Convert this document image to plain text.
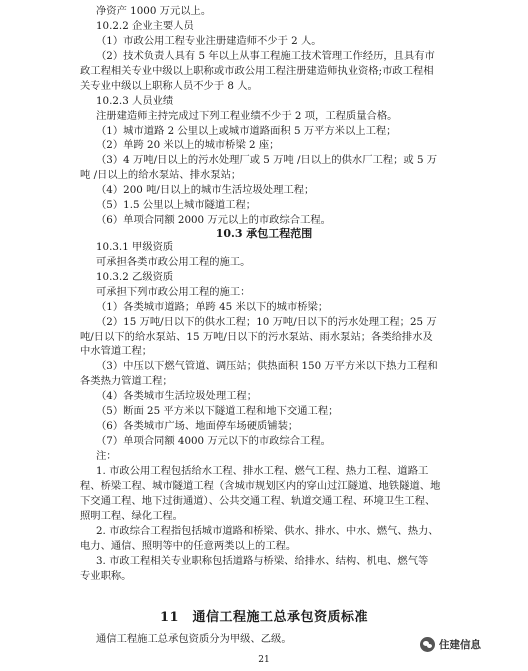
净资产 1000 万元以上。
10.2.2 企业主要人员
（1）市政公用工程专业注册建造师不少于 2 人。
（2）技术负责人具有 5 年以上从事工程施工技术管理工作经历，且具有市
政工程相关专业中级以上职称或市政公用工程注册建造师执业资格;市政工程相
关专业中级以上职称人员不少于 8 人。
10.2.3 人员业绩
注册建造师主持完成过下列工程业绩不少于 2 项，工程质量合格。
（1）城市道路 2 公里以上或城市道路面积 5 万平方米以上工程；
（2）单跨 20 米以上的城市桥梁 2 座；
（3）4 万吨/日以上的污水处理厂或 5 万吨 /日以上的供水厂工程；或 5 万
吨 /日以上的给水泵站、排水泵站；
（4）200 吨/日以上的城市生活垃圾处理工程；
（5）1.5 公里以上城市隧道工程；
（6）单项合同额 2000 万元以上的市政综合工程。
10.3.1 甲级资质
可承担各类市政公用工程的施工。
10.3.2 乙级资质
可承担下列市政公用工程的施工：
（1）各类城市道路；单跨 45 米以下的城市桥梁；
（2）15 万吨/日以下的供水工程；10 万吨/日以下的污水处理工程；25 万
吨/日以下的给水泵站、15 万吨/日以下的污水泵站、雨水泵站；各类给排水及
中水管道工程；
（3）中压以下燃气管道、调压站；供热面积 150 万平方米以下热力工程和
各类热力管道工程；
（4）各类城市生活垃圾处理工程；
（5）断面 25 平方米以下隧道工程和地下交通工程；
（6）各类城市广场、地面停车场硬质铺装；
（7）单项合同额 4000 万元以下的市政综合工程。
注：
1. 市政公用工程包括给水工程、排水工程、燃气工程、热力工程、道路工
程、桥梁工程、城市隧道工程（含城市规划区内的穿山过江隧道、地铁隧道、地
下交通工程、地下过街通道）、公共交通工程、轨道交通工程、环境卫生工程、
照明工程、绿化工程。
2. 市政综合工程指包括城市道路和桥梁、供水、排水、中水、燃气、热力、
电力、通信、照明等中的任意两类以上的工程。
3. 市政工程相关专业职称包括道路与桥梁、给排水、结构、机电、燃气等
专业职称。
10.3 承包工程范围
11　通信工程施工总承包资质标准
通信工程施工总承包资质分为甲级、乙级。
21
住建信息
